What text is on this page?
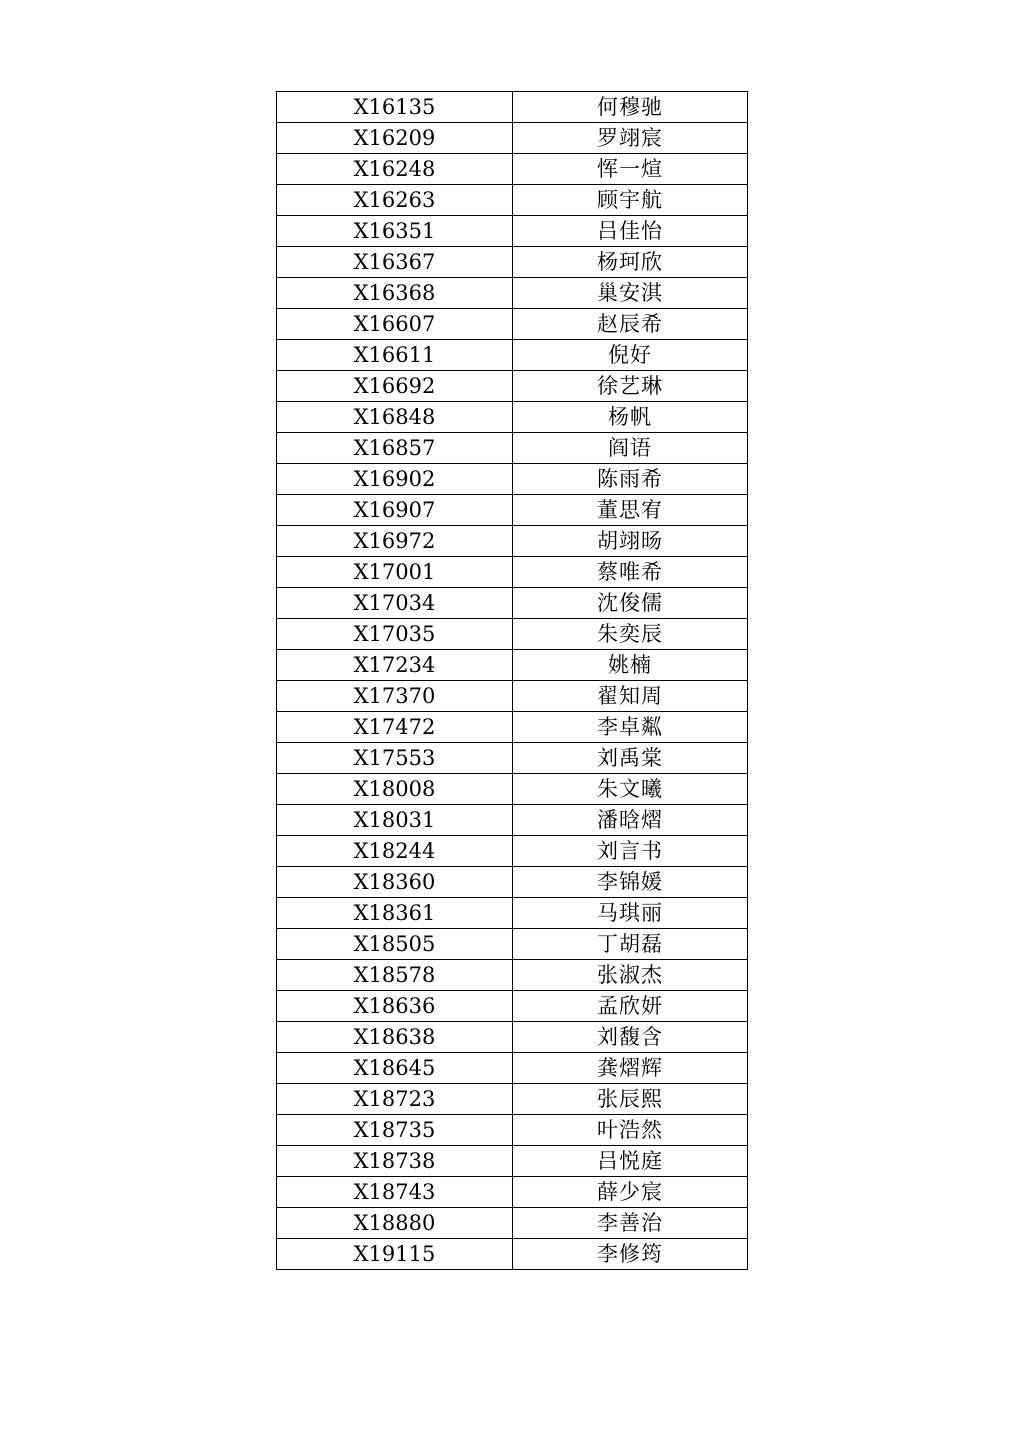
X16135	何穆驰
X16209	罗翊宸
X16248	恽一煊
X16263	顾宇航
X16351	吕佳怡
X16367	杨珂欣
X16368	巢安淇
X16607	赵辰希
X16611	倪好
X16692	徐艺琳
X16848	杨帆
X16857	阎语
X16902	陈雨希
X16907	董思宥
X16972	胡翊旸
X17001	蔡唯希
X17034	沈俊儒
X17035	朱奕辰
X17234	姚楠
X17370	翟知周
X17472	李卓粼
X17553	刘禹棠
X18008	朱文曦
X18031	潘晗熠
X18244	刘言书
X18360	李锦媛
X18361	马琪丽
X18505	丁胡磊
X18578	张淑杰
X18636	孟欣妍
X18638	刘馥含
X18645	龚熠辉
X18723	张辰熙
X18735	叶浩然
X18738	吕悦庭
X18743	薛少宸
X18880	李善治
X19115	李修筠
